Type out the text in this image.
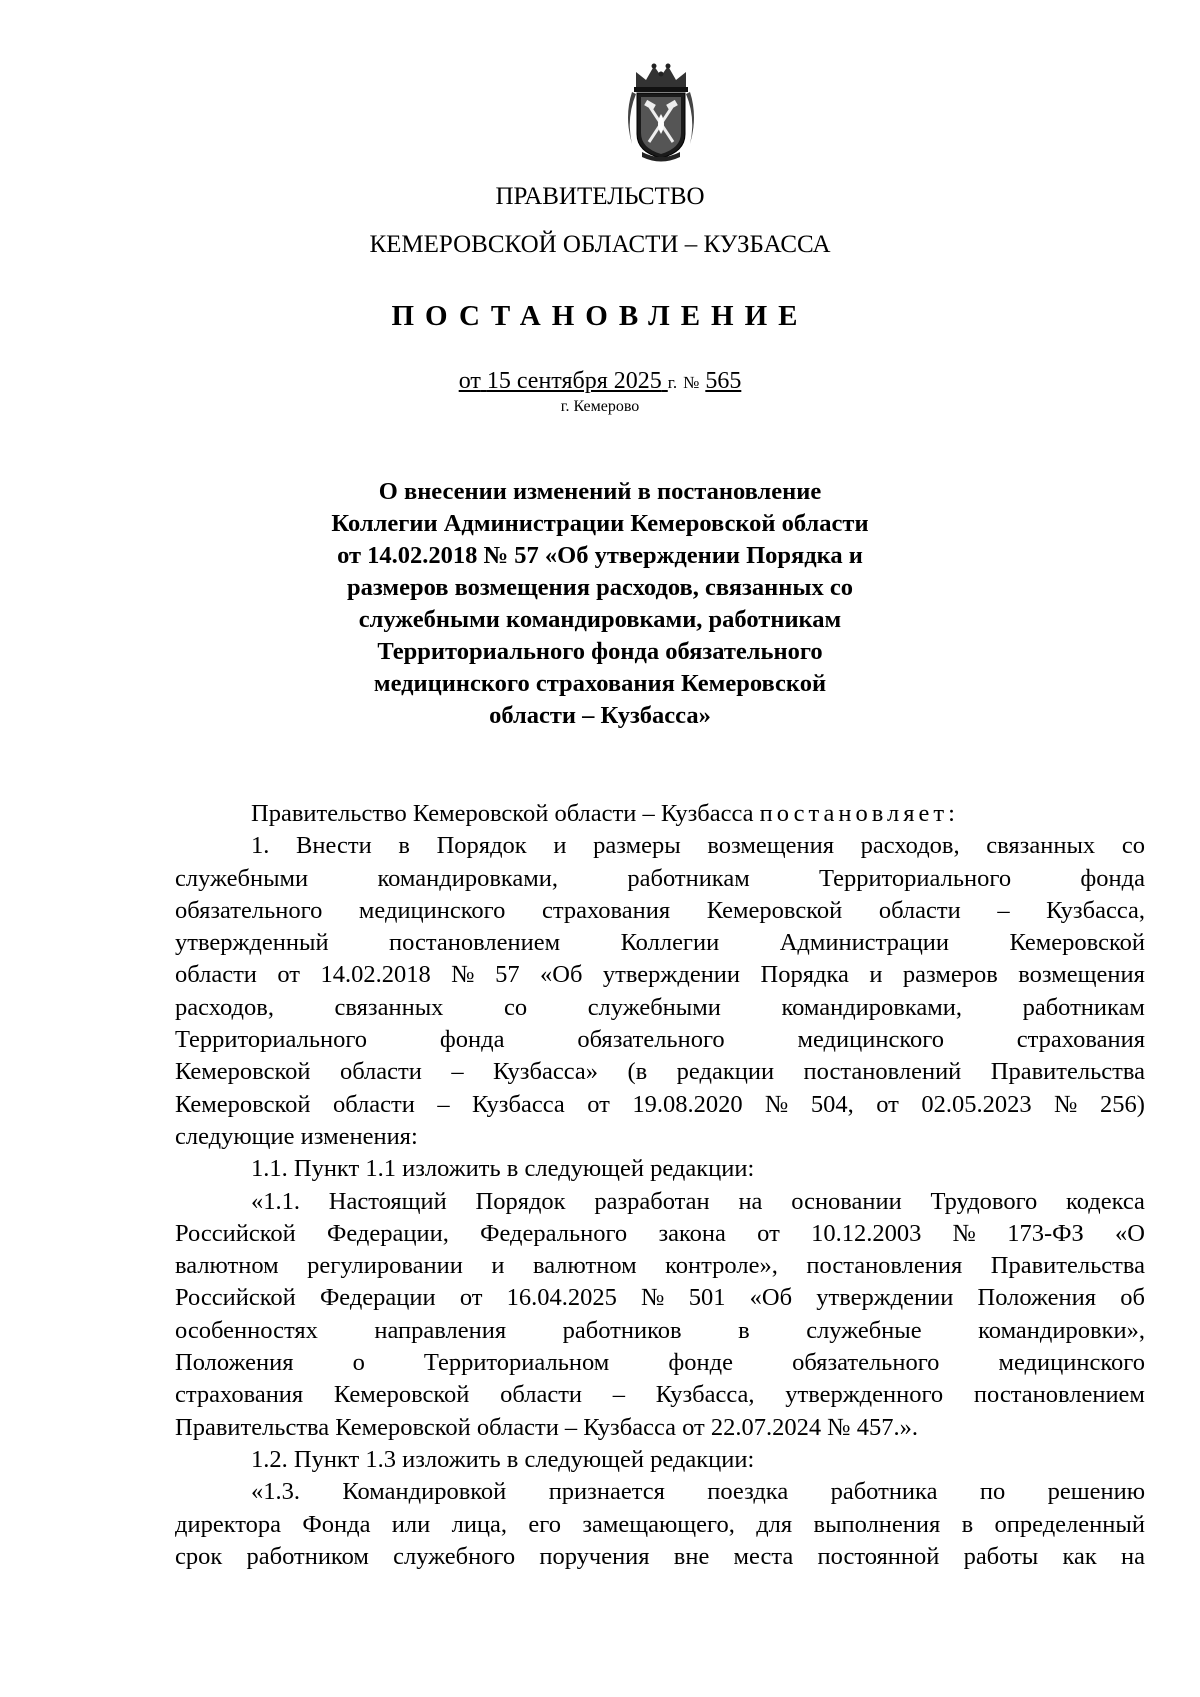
ПРАВИТЕЛЬСТВО
КЕМЕРОВСКОЙ ОБЛАСТИ – КУЗБАССА
ПОСТАНОВЛЕНИЕ
от 15 сентября 2025 г. № 565
г. Кемерово
О внесении изменений в постановление
Коллегии Администрации Кемеровской области
от 14.02.2018 № 57 «Об утверждении Порядка и
размеров возмещения расходов, связанных со
служебными командировками, работникам
Территориального фонда обязательного
медицинского страхования Кемеровской
области – Кузбасса»
Правительство Кемеровской области – Кузбасса постановляет:
1. Внести в Порядок и размеры возмещения расходов, связанных со
служебными	командировками,	работникам	Территориального	фонда
обязательного медицинского страхования Кемеровской области – Кузбасса,
утвержденный постановлением Коллегии Администрации Кемеровской
области от 14.02.2018 № 57 «Об утверждении Порядка и размеров возмещения
расходов, связанных со служебными командировками, работникам
Территориального	фонда	обязательного	медицинского	страхования
Кемеровской области – Кузбасса» (в редакции постановлений Правительства
Кемеровской области – Кузбасса от 19.08.2020 № 504, от 02.05.2023 № 256)
следующие изменения:
1.1. Пункт 1.1 изложить в следующей редакции:
«1.1. Настоящий Порядок разработан на основании Трудового кодекса
Российской Федерации, Федерального закона от 10.12.2003 № 173-ФЗ «О
валютном регулировании и валютном контроле», постановления Правительства
Российской Федерации от 16.04.2025 № 501 «Об утверждении Положения об
особенностях направления работников в служебные командировки»,
Положения о Территориальном фонде обязательного медицинского
страхования Кемеровской области – Кузбасса, утвержденного постановлением
Правительства Кемеровской области – Кузбасса от 22.07.2024 № 457.».
1.2. Пункт 1.3 изложить в следующей редакции:
«1.3. Командировкой признается поездка работника по решению
директора Фонда или лица, его замещающего, для выполнения в определенный
срок работником служебного поручения вне места постоянной работы как на
